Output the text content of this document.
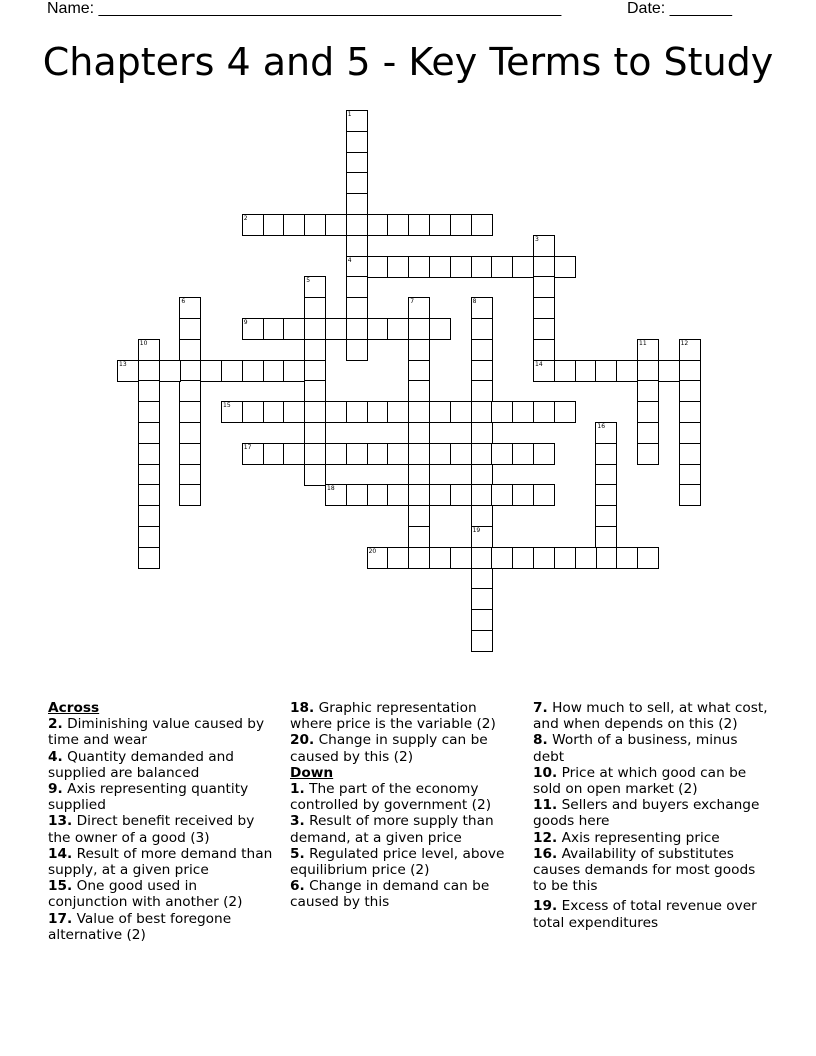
Name: ____________________________________________________	Date: _______
Chapters 4 and 5 - Key Terms to Study
1
4
2
3
5
6	7	8
9
10	11	12
13	14
15
16
17
18
19
20
Across
2. Diminishing value caused by time and wear
4. Quantity demanded and supplied are balanced
9. Axis representing quantity supplied
13. Direct benefit received by the owner of a good (3)
14. Result of more demand than supply, at a given price
15. One good used in conjunction with another (2)
17. Value of best foregone alternative (2)
18. Graphic representation where price is the variable (2)
20. Change in supply can be caused by this (2)
Down
1. The part of the economy controlled by government (2)
3. Result of more supply than demand, at a given price
5. Regulated price level, above equilibrium price (2)
6. Change in demand can be caused by this
7. How much to sell, at what cost, and when depends on this (2)
8. Worth of a business, minus debt
10. Price at which good can be sold on open market (2)
11. Sellers and buyers exchange goods here
12. Axis representing price
16. Availability of substitutes causes demands for most goods to be this
19. Excess of total revenue over total expenditures
